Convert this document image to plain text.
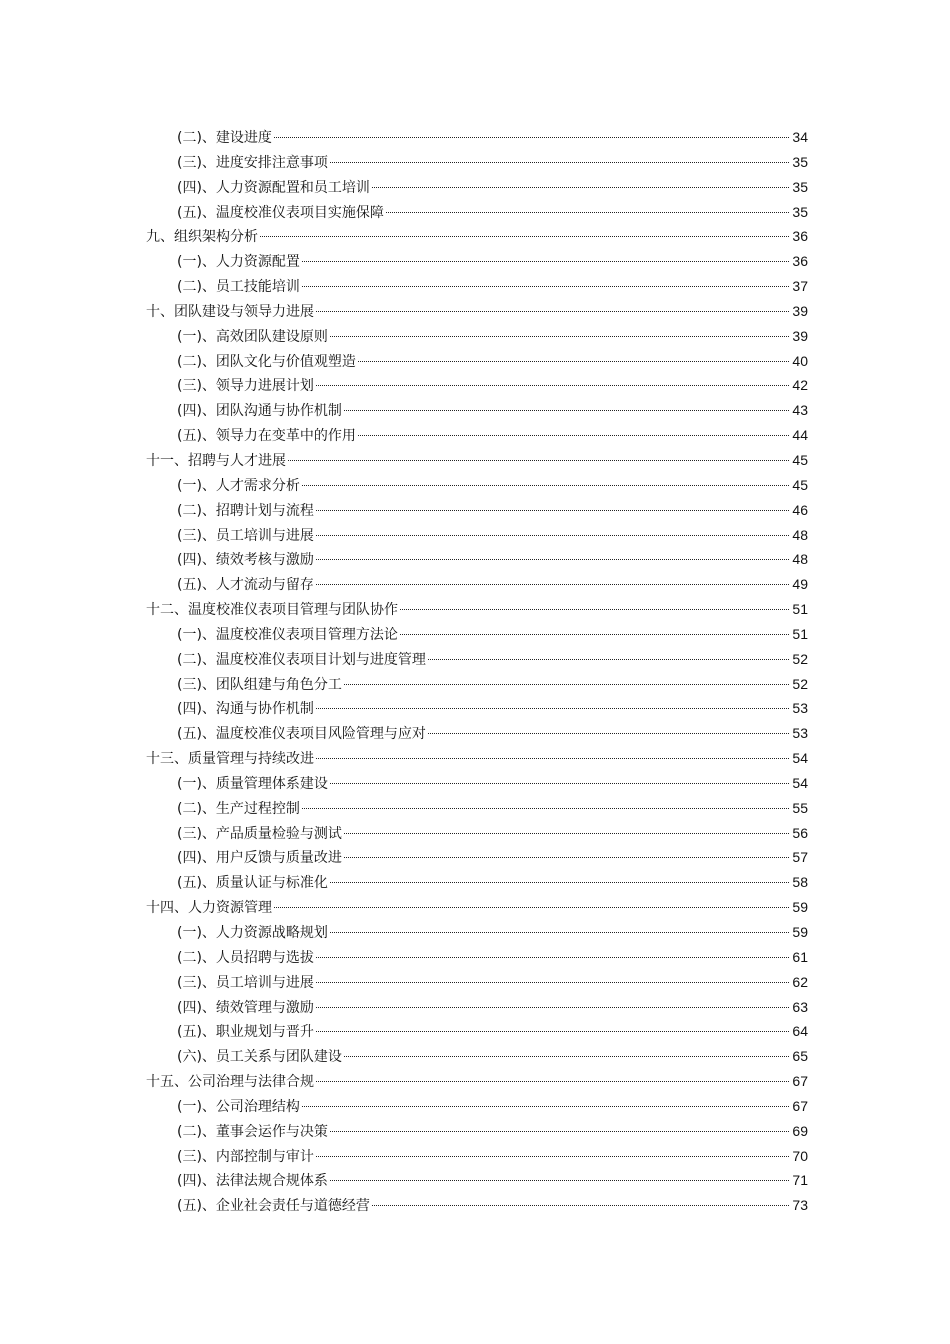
(二)、建设进度	34
(三)、进度安排注意事项	35
(四)、人力资源配置和员工培训	35
(五)、温度校准仪表项目实施保障	35
九、组织架构分析	36
(一)、人力资源配置	36
(二)、员工技能培训	37
十、团队建设与领导力进展	39
(一)、高效团队建设原则	39
(二)、团队文化与价值观塑造	40
(三)、领导力进展计划	42
(四)、团队沟通与协作机制	43
(五)、领导力在变革中的作用	44
十一、招聘与人才进展	45
(一)、人才需求分析	45
(二)、招聘计划与流程	46
(三)、员工培训与进展	48
(四)、绩效考核与激励	48
(五)、人才流动与留存	49
十二、温度校准仪表项目管理与团队协作	51
(一)、温度校准仪表项目管理方法论	51
(二)、温度校准仪表项目计划与进度管理	52
(三)、团队组建与角色分工	52
(四)、沟通与协作机制	53
(五)、温度校准仪表项目风险管理与应对	53
十三、质量管理与持续改进	54
(一)、质量管理体系建设	54
(二)、生产过程控制	55
(三)、产品质量检验与测试	56
(四)、用户反馈与质量改进	57
(五)、质量认证与标准化	58
十四、人力资源管理	59
(一)、人力资源战略规划	59
(二)、人员招聘与选拔	61
(三)、员工培训与进展	62
(四)、绩效管理与激励	63
(五)、职业规划与晋升	64
(六)、员工关系与团队建设	65
十五、公司治理与法律合规	67
(一)、公司治理结构	67
(二)、董事会运作与决策	69
(三)、内部控制与审计	70
(四)、法律法规合规体系	71
(五)、企业社会责任与道德经营	73
